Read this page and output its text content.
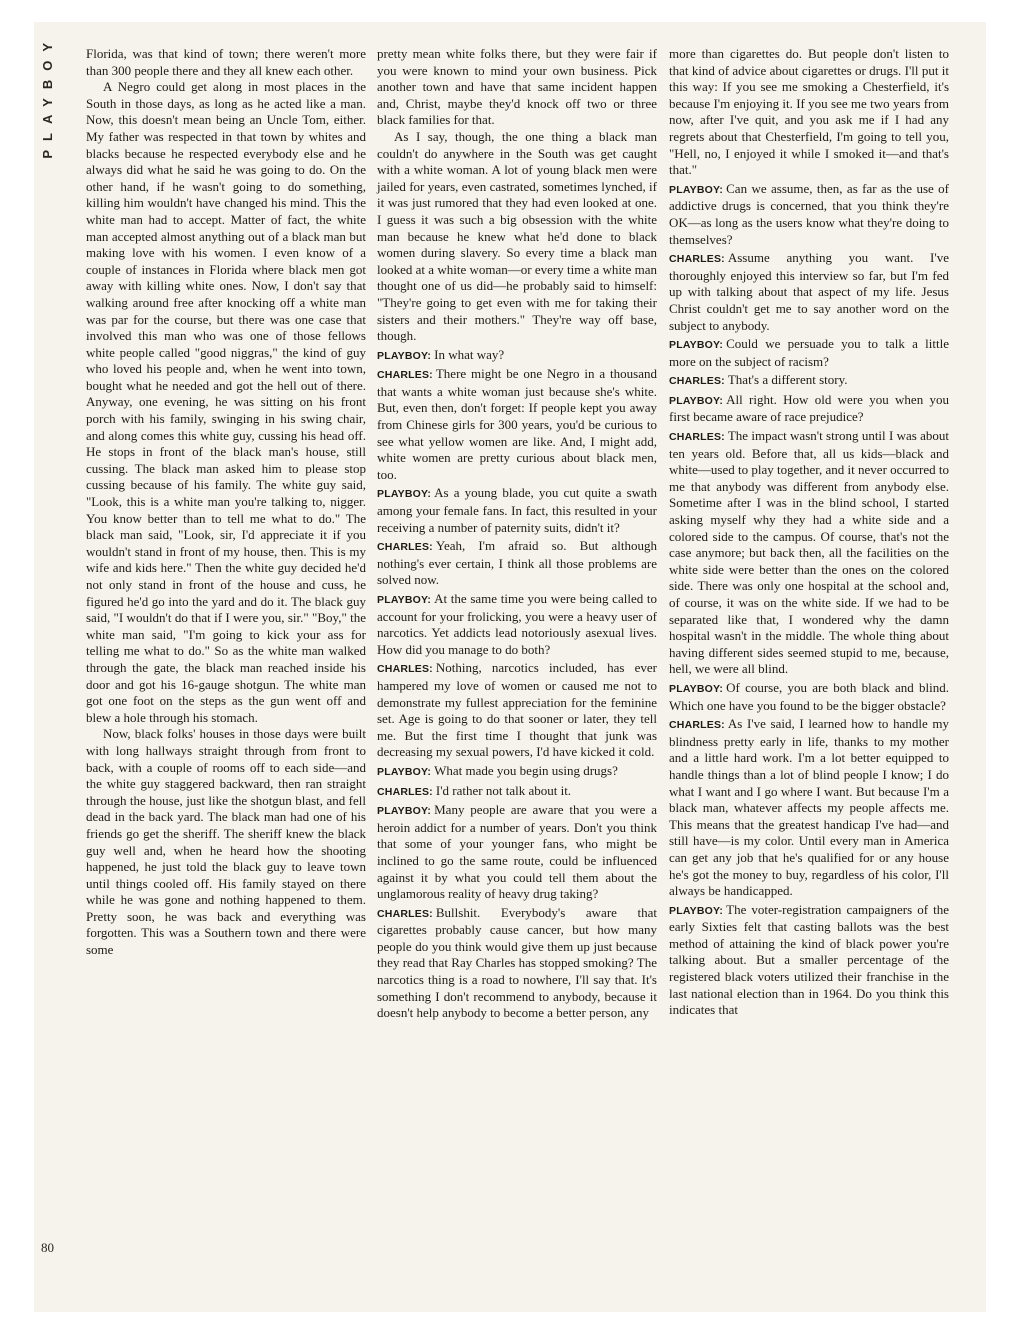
PLAYBOY
80

Florida, was that kind of town; there weren't more than 300 people there and they all knew each other.

A Negro could get along in most places in the South in those days, as long as he acted like a man. Now, this doesn't mean being an Uncle Tom, either. My father was respected in that town by whites and blacks because he respected everybody else and he always did what he said he was going to do. On the other hand, if he wasn't going to do something, killing him wouldn't have changed his mind. This the white man had to accept. Matter of fact, the white man accepted almost anything out of a black man but making love with his women. I even know of a couple of instances in Florida where black men got away with killing white ones. Now, I don't say that walking around free after knocking off a white man was par for the course, but there was one case that involved this man who was one of those fellows white people called "good niggras," the kind of guy who loved his people and, when he went into town, bought what he needed and got the hell out of there. Anyway, one evening, he was sitting on his front porch with his family, swinging in his swing chair, and along comes this white guy, cussing his head off. He stops in front of the black man's house, still cussing. The black man asked him to please stop cussing because of his family. The white guy said, "Look, this is a white man you're talking to, nigger. You know better than to tell me what to do." The black man said, "Look, sir, I'd appreciate it if you wouldn't stand in front of my house, then. This is my wife and kids here." Then the white guy decided he'd not only stand in front of the house and cuss, he figured he'd go into the yard and do it. The black guy said, "I wouldn't do that if I were you, sir." "Boy," the white man said, "I'm going to kick your ass for telling me what to do." So as the white man walked through the gate, the black man reached inside his door and got his 16-gauge shotgun. The white man got one foot on the steps as the gun went off and blew a hole through his stomach.

Now, black folks' houses in those days were built with long hallways straight through from front to back, with a couple of rooms off to each side—and the white guy staggered backward, then ran straight through the house, just like the shotgun blast, and fell dead in the back yard. The black man had one of his friends go get the sheriff. The sheriff knew the black guy well and, when he heard how the shooting happened, he just told the black guy to leave town until things cooled off. His family stayed on there while he was gone and nothing happened to them. Pretty soon, he was back and everything was forgotten. This was a Southern town and there were some

pretty mean white folks there, but they were fair if you were known to mind your own business. Pick another town and have that same incident happen and, Christ, maybe they'd knock off two or three black families for that.

As I say, though, the one thing a black man couldn't do anywhere in the South was get caught with a white woman. A lot of young black men were jailed for years, even castrated, sometimes lynched, if it was just rumored that they had even looked at one. I guess it was such a big obsession with the white man because he knew what he'd done to black women during slavery. So every time a black man looked at a white woman—or every time a white man thought one of us did—he probably said to himself: "They're going to get even with me for taking their sisters and their mothers." They're way off base, though.

PLAYBOY: In what way?

CHARLES: There might be one Negro in a thousand that wants a white woman just because she's white. But, even then, don't forget: If people kept you away from Chinese girls for 300 years, you'd be curious to see what yellow women are like. And, I might add, white women are pretty curious about black men, too.

PLAYBOY: As a young blade, you cut quite a swath among your female fans. In fact, this resulted in your receiving a number of paternity suits, didn't it?

CHARLES: Yeah, I'm afraid so. But although nothing's ever certain, I think all those problems are solved now.

PLAYBOY: At the same time you were being called to account for your frolicking, you were a heavy user of narcotics. Yet addicts lead notoriously asexual lives. How did you manage to do both?

CHARLES: Nothing, narcotics included, has ever hampered my love of women or caused me not to demonstrate my fullest appreciation for the feminine set. Age is going to do that sooner or later, they tell me. But the first time I thought that junk was decreasing my sexual powers, I'd have kicked it cold.

PLAYBOY: What made you begin using drugs?

CHARLES: I'd rather not talk about it.

PLAYBOY: Many people are aware that you were a heroin addict for a number of years. Don't you think that some of your younger fans, who might be inclined to go the same route, could be influenced against it by what you could tell them about the unglamorous reality of heavy drug taking?

CHARLES: Bullshit. Everybody's aware that cigarettes probably cause cancer, but how many people do you think would give them up just because they read that Ray Charles has stopped smoking? The narcotics thing is a road to nowhere, I'll say that. It's something I don't recommend to anybody, because it doesn't help anybody to become a better person, any

more than cigarettes do. But people don't listen to that kind of advice about cigarettes or drugs. I'll put it this way: If you see me smoking a Chesterfield, it's because I'm enjoying it. If you see me two years from now, after I've quit, and you ask me if I had any regrets about that Chesterfield, I'm going to tell you, "Hell, no, I enjoyed it while I smoked it—and that's that."

PLAYBOY: Can we assume, then, as far as the use of addictive drugs is concerned, that you think they're OK—as long as the users know what they're doing to themselves?

CHARLES: Assume anything you want. I've thoroughly enjoyed this interview so far, but I'm fed up with talking about that aspect of my life. Jesus Christ couldn't get me to say another word on the subject to anybody.

PLAYBOY: Could we persuade you to talk a little more on the subject of racism?

CHARLES: That's a different story.

PLAYBOY: All right. How old were you when you first became aware of race prejudice?

CHARLES: The impact wasn't strong until I was about ten years old. Before that, all us kids—black and white—used to play together, and it never occurred to me that anybody was different from anybody else. Sometime after I was in the blind school, I started asking myself why they had a white side and a colored side to the campus. Of course, that's not the case anymore; but back then, all the facilities on the white side were better than the ones on the colored side. There was only one hospital at the school and, of course, it was on the white side. If we had to be separated like that, I wondered why the damn hospital wasn't in the middle. The whole thing about having different sides seemed stupid to me, because, hell, we were all blind.

PLAYBOY: Of course, you are both black and blind. Which one have you found to be the bigger obstacle?

CHARLES: As I've said, I learned how to handle my blindness pretty early in life, thanks to my mother and a little hard work. I'm a lot better equipped to handle things than a lot of blind people I know; I do what I want and I go where I want. But because I'm a black man, whatever affects my people affects me. This means that the greatest handicap I've had—and still have—is my color. Until every man in America can get any job that he's qualified for or any house he's got the money to buy, regardless of his color, I'll always be handicapped.

PLAYBOY: The voter-registration campaigners of the early Sixties felt that casting ballots was the best method of attaining the kind of black power you're talking about. But a smaller percentage of the registered black voters utilized their franchise in the last national election than in 1964. Do you think this indicates that
